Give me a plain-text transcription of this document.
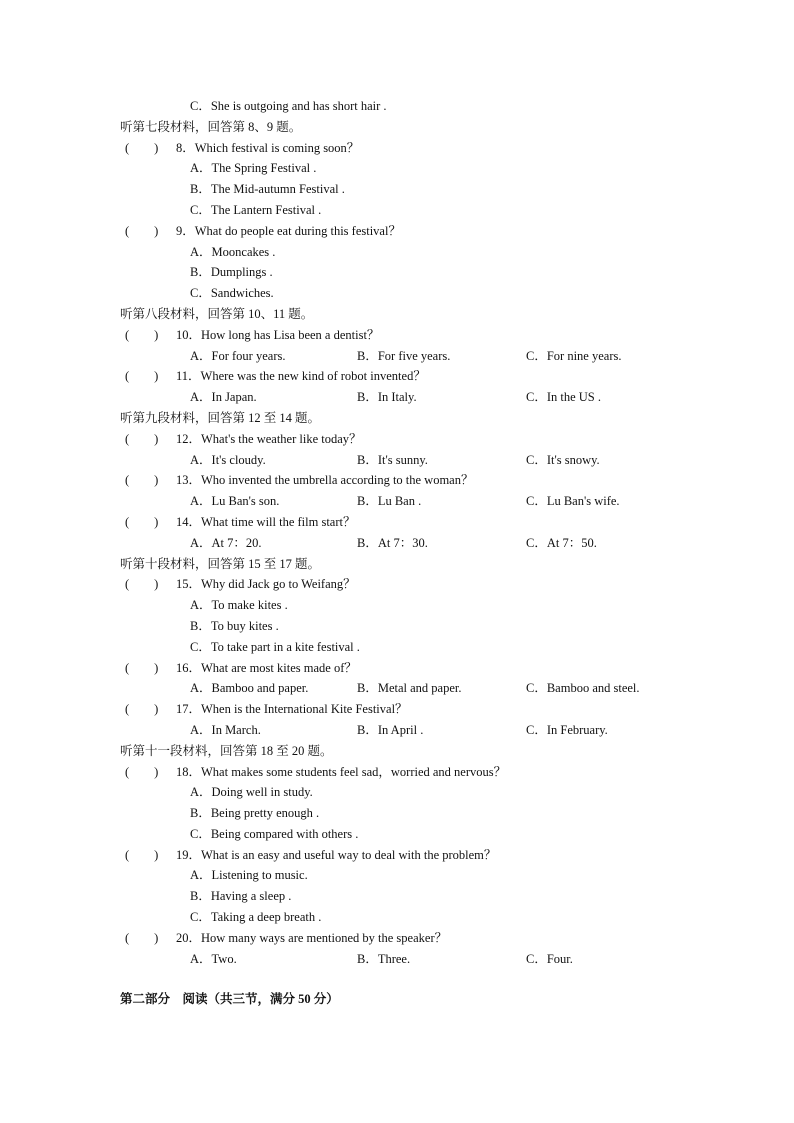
C．She is outgoing and has short hair .
听第七段材料，回答第 8、9 题。
(　　) 8．Which festival is coming soon？
A．The Spring Festival .
B．The Mid-autumn Festival .
C．The Lantern Festival .
(　　) 9．What do people eat during this festival？
A．Mooncakes .
B．Dumplings .
C．Sandwiches.
听第八段材料，回答第 10、11 题。
(　　) 10．How long has Lisa been a dentist？
A．For four years.	B．For five years.	C．For nine years.
(　　) 11．Where was the new kind of robot invented？
A．In Japan.	B．In Italy.	C．In the US .
听第九段材料，回答第 12 至 14 题。
(　　) 12．What's the weather like today？
A．It's cloudy.	B．It's sunny.	C．It's snowy.
(　　) 13．Who invented the umbrella according to the woman？
A．Lu Ban's son.	B．Lu Ban .	C．Lu Ban's wife.
(　　) 14．What time will the film start？
A．At 7：20.	B．At 7：30.	C．At 7：50.
听第十段材料，回答第 15 至 17 题。
(　　) 15．Why did Jack go to Weifang？
A．To make kites .
B．To buy kites .
C．To take part in a kite festival .
(　　) 16．What are most kites made of？
A．Bamboo and paper.	B．Metal and paper.	C．Bamboo and steel.
(　　) 17．When is the International Kite Festival？
A．In March.	B．In April .	C．In February.
听第十一段材料，回答第 18 至 20 题。
(　　) 18．What makes some students feel sad，worried and nervous？
A．Doing well in study.
B．Being pretty enough .
C．Being compared with others .
(　　) 19．What is an easy and useful way to deal with the problem？
A．Listening to music.
B．Having a sleep .
C．Taking a deep breath .
(　　) 20．How many ways are mentioned by the speaker？
A．Two.	B．Three.	C．Four.
第二部分　阅读（共三节，满分 50 分）
